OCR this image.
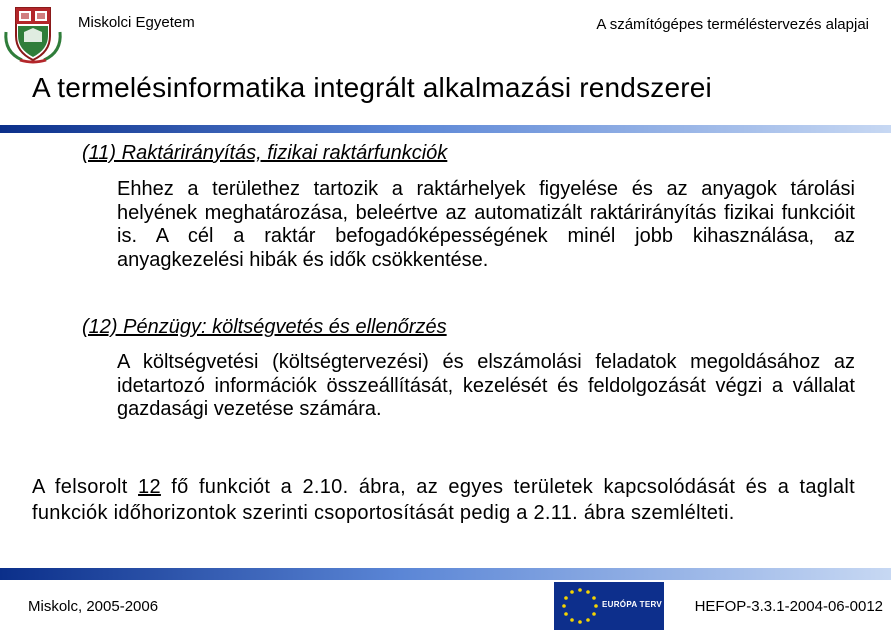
Miskolci Egyetem	A számítógépes terméléstervezés alapjai
A termelésinformatika integrált alkalmazási rendszerei
(11) Raktárirányítás, fizikai raktárfunkciók
Ehhez a területhez tartozik a raktárhelyek figyelése és az anyagok tárolási helyének meghatározása, beleértve az automatizált raktárirányítás fizikai funkcióit is. A cél a raktár befogadóképességének minél jobb kihasználása, az anyagkezelési hibák és idők csökkentése.
(12) Pénzügy: költségvetés és ellenőrzés
A költségvetési (költségtervezési) és elszámolási feladatok megoldásához az idetartozó információk összeállítását, kezelését és feldolgozását végzi a vállalat gazdasági vezetése számára.
A felsorolt 12 fő funkciót a 2.10. ábra, az egyes területek kapcsolódását és a taglalt funkciók időhorizontok szerinti csoportosítását pedig a 2.11. ábra szemlélteti.
Miskolc, 2005-2006	EURÓPA TERV HEFOP-3.3.1-2004-06-0012
